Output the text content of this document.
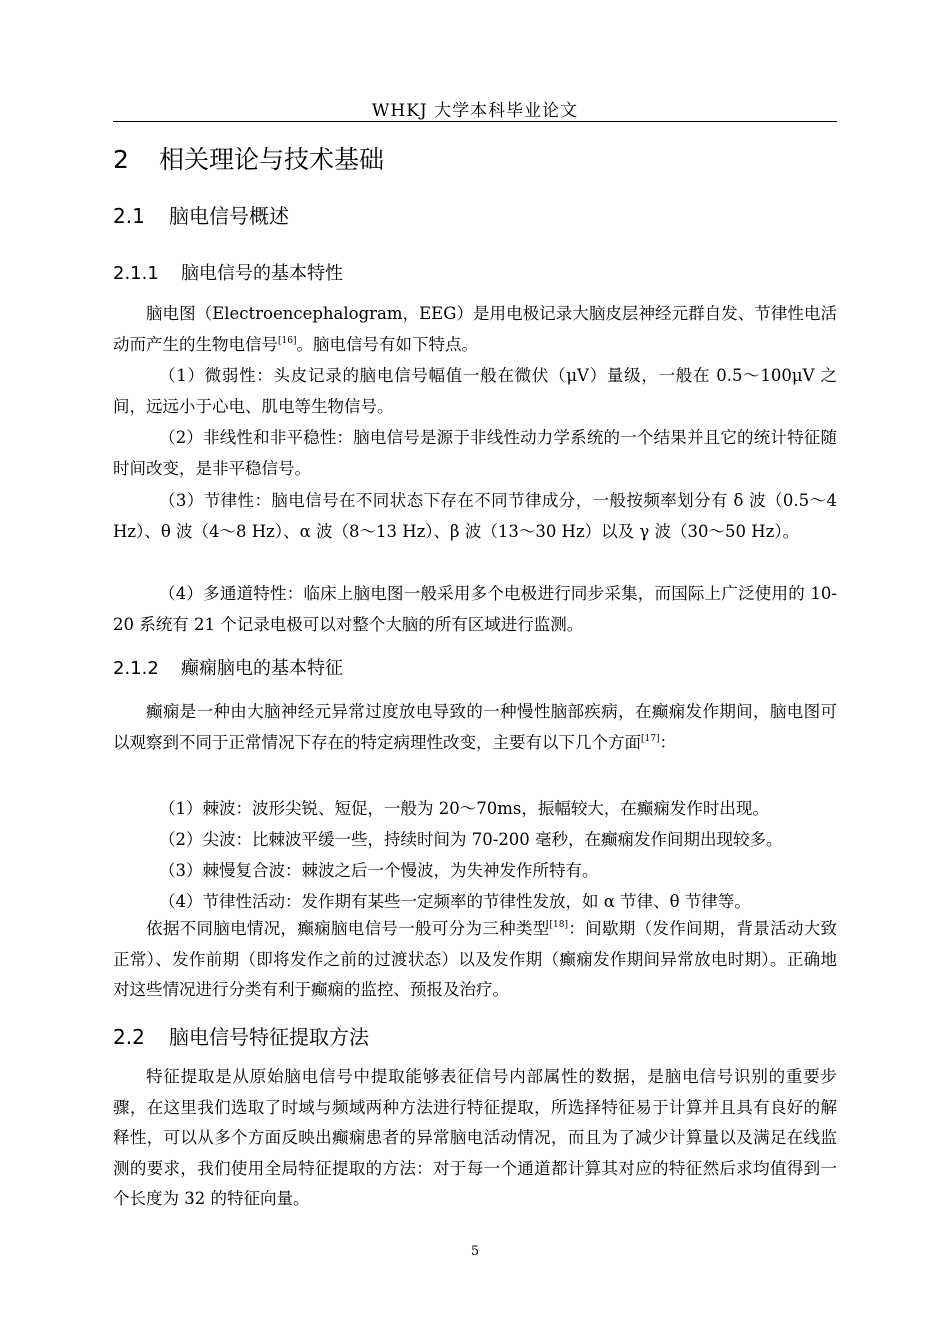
WHKJ 大学本科毕业论文
2 相关理论与技术基础
2.1 脑电信号概述
2.1.1 脑电信号的基本特性
脑电图（Electroencephalogram，EEG）是用电极记录大脑皮层神经元群自发、节律性电活动而产生的生物电信号[16]。脑电信号有如下特点。
（1）微弱性：头皮记录的脑电信号幅值一般在微伏（μV）量级，一般在 0.5～100μV 之间，远远小于心电、肌电等生物信号。
（2）非线性和非平稳性：脑电信号是源于非线性动力学系统的一个结果并且它的统计特征随时间改变，是非平稳信号。
（3）节律性：脑电信号在不同状态下存在不同节律成分，一般按频率划分有 δ 波（0.5～4 Hz）、θ 波（4～8 Hz）、α 波（8～13 Hz）、β 波（13～30 Hz）以及 γ 波（30～50 Hz）。
（4）多通道特性：临床上脑电图一般采用多个电极进行同步采集，而国际上广泛使用的 10-20 系统有 21 个记录电极可以对整个大脑的所有区域进行监测。
2.1.2 癫痫脑电的基本特征
癫痫是一种由大脑神经元异常过度放电导致的一种慢性脑部疾病，在癫痫发作期间，脑电图可以观察到不同于正常情况下存在的特定病理性改变，主要有以下几个方面[17]：
（1）棘波：波形尖锐、短促，一般为 20～70ms，振幅较大，在癫痫发作时出现。
（2）尖波：比棘波平缓一些，持续时间为 70-200 毫秒，在癫痫发作间期出现较多。
（3）棘慢复合波：棘波之后一个慢波，为失神发作所特有。
（4）节律性活动：发作期有某些一定频率的节律性发放，如 α 节律、θ 节律等。
依据不同脑电情况，癫痫脑电信号一般可分为三种类型[18]：间歇期（发作间期，背景活动大致正常）、发作前期（即将发作之前的过渡状态）以及发作期（癫痫发作期间异常放电时期）。正确地对这些情况进行分类有利于癫痫的监控、预报及治疗。
2.2 脑电信号特征提取方法
特征提取是从原始脑电信号中提取能够表征信号内部属性的数据，是脑电信号识别的重要步骤，在这里我们选取了时域与频域两种方法进行特征提取，所选择特征易于计算并且具有良好的解释性，可以从多个方面反映出癫痫患者的异常脑电活动情况，而且为了减少计算量以及满足在线监测的要求，我们使用全局特征提取的方法：对于每一个通道都计算其对应的特征然后求均值得到一个长度为 32 的特征向量。
5
